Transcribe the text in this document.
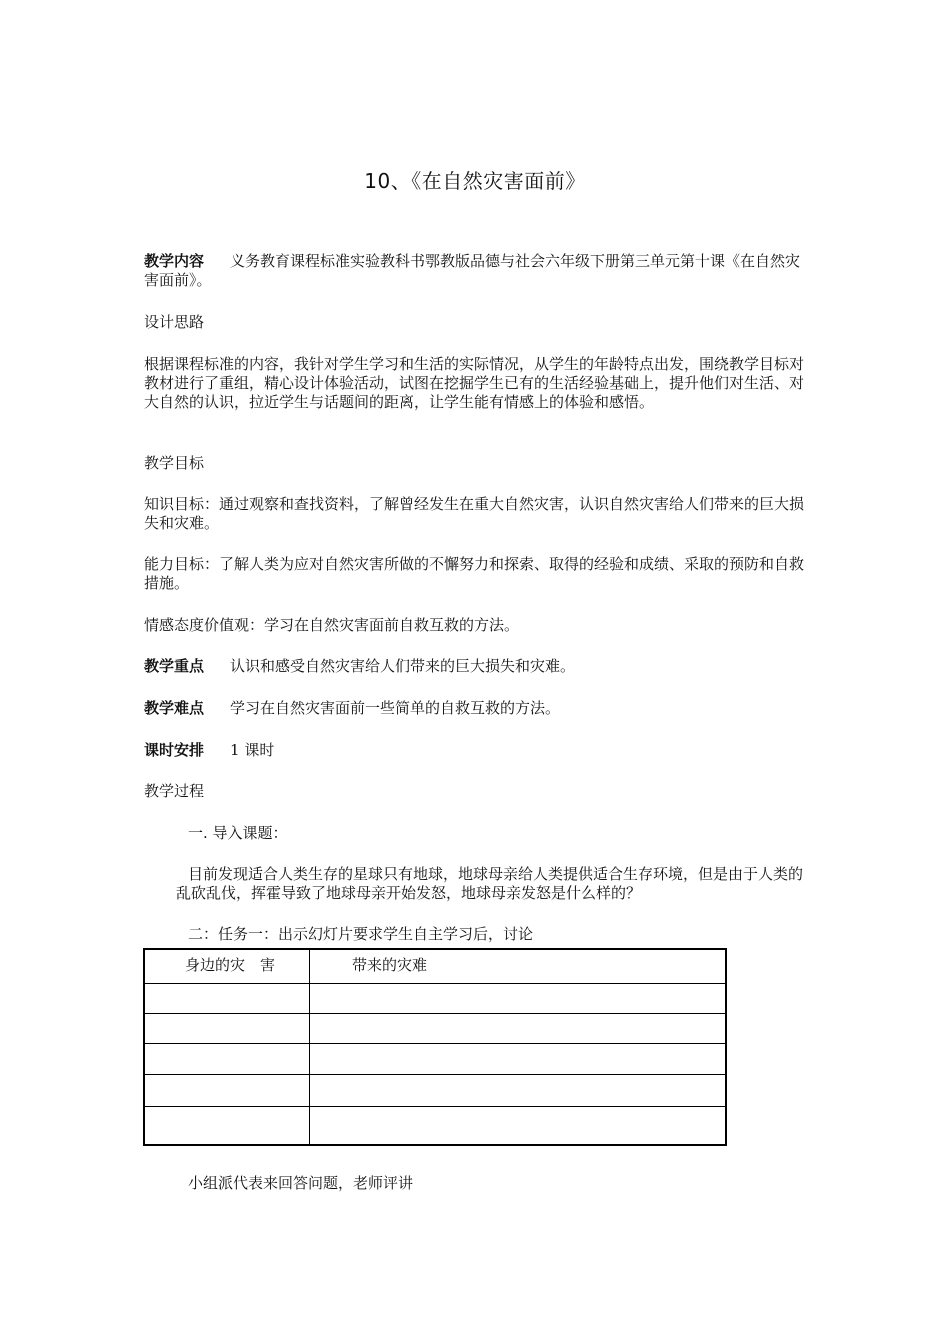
10、《在自然灾害面前》
教学内容 义务教育课程标准实验教科书鄂教版品德与社会六年级下册第三单元第十课《在自然灾害面前》。
设计思路
根据课程标准的内容，我针对学生学习和生活的实际情况，从学生的年龄特点出发，围绕教学目标对教材进行了重组，精心设计体验活动，试图在挖掘学生已有的生活经验基础上，提升他们对生活、对大自然的认识，拉近学生与话题间的距离，让学生能有情感上的体验和感悟。
教学目标
知识目标：通过观察和查找资料，了解曾经发生在重大自然灾害，认识自然灾害给人们带来的巨大损失和灾难。
能力目标：了解人类为应对自然灾害所做的不懈努力和探索、取得的经验和成绩、采取的预防和自救措施。
情感态度价值观：学习在自然灾害面前自救互救的方法。
教学重点 认识和感受自然灾害给人们带来的巨大损失和灾难。
教学难点 学习在自然灾害面前一些简单的自救互救的方法。
课时安排 1 课时
教学过程
一. 导入课题：
目前发现适合人类生存的星球只有地球，地球母亲给人类提供适合生存环境，但是由于人类的乱砍乱伐，挥霍导致了地球母亲开始发怒，地球母亲发怒是什么样的？
二：任务一：出示幻灯片要求学生自主学习后，讨论
身边的灾　害	带来的灾难

小组派代表来回答问题，老师评讲
